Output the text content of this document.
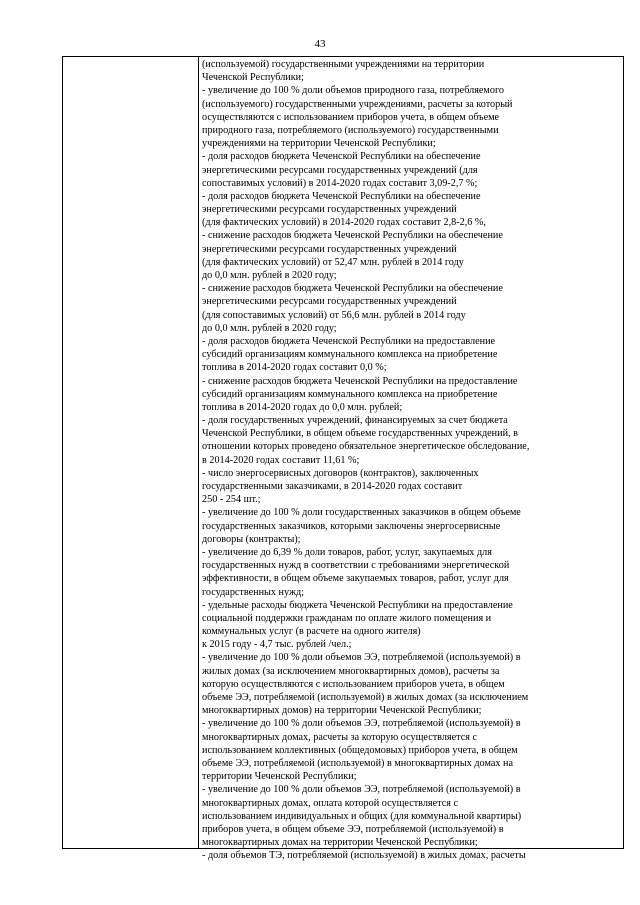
43
(используемой) государственными учреждениями на территории
Чеченской Республики;
- увеличение до 100 % доли объемов природного газа, потребляемого
(используемого) государственными учреждениями, расчеты за который
осуществляются с использованием приборов учета, в общем объеме
природного газа, потребляемого (используемого) государственными
учреждениями на территории Чеченской Республики;
- доля расходов бюджета Чеченской Республики на обеспечение
энергетическими ресурсами государственных учреждений (для
сопоставимых условий) в 2014-2020 годах составит 3,09-2,7 %;
- доля расходов бюджета Чеченской Республики на обеспечение
энергетическими ресурсами государственных учреждений
(для фактических условий) в 2014-2020 годах составит 2,8-2,6 %,
- снижение расходов бюджета Чеченской Республики на обеспечение
энергетическими ресурсами государственных учреждений
(для фактических условий) от 52,47 млн. рублей в 2014 году
до 0,0 млн. рублей в 2020 году;
- снижение расходов бюджета Чеченской Республики на обеспечение
энергетическими ресурсами государственных учреждений
(для сопоставимых условий) от 56,6 млн. рублей в 2014 году
до 0,0 млн. рублей в 2020 году;
- доля расходов бюджета Чеченской Республики на предоставление
субсидий организациям коммунального комплекса на приобретение
топлива в 2014-2020 годах составит 0,0 %;
- снижение расходов бюджета Чеченской Республики на предоставление
субсидий организациям коммунального комплекса на приобретение
топлива в 2014-2020 годах до 0,0 млн. рублей;
- доля государственных учреждений, финансируемых за счет бюджета
Чеченской Республики, в общем объеме государственных учреждений, в
отношении которых проведено обязательное энергетическое обследование,
в 2014-2020 годах составит 11,61 %;
- число энергосервисных договоров (контрактов), заключенных
государственными заказчиками, в 2014-2020 годах составит
250 - 254 шт.;
- увеличение до 100 % доли государственных заказчиков в общем объеме
государственных заказчиков, которыми заключены энергосервисные
договоры (контракты);
- увеличение до 6,39 % доли товаров, работ, услуг, закупаемых для
государственных нужд в соответствии с требованиями энергетической
эффективности, в общем объеме закупаемых товаров, работ, услуг для
государственных нужд;
- удельные расходы бюджета Чеченской Республики на предоставление
социальной поддержки гражданам по оплате жилого помещения и
коммунальных услуг (в расчете на одного жителя)
к 2015 году - 4,7 тыс. рублей /чел.;
- увеличение до 100 % доли объемов ЭЭ, потребляемой (используемой) в
жилых домах (за исключением многоквартирных домов), расчеты за
которую осуществляются с использованием приборов учета, в общем
объеме ЭЭ, потребляемой (используемой) в жилых домах (за исключением
многоквартирных домов) на территории Чеченской Республики;
- увеличение до 100 % доли объемов ЭЭ, потребляемой (используемой) в
многоквартирных домах, расчеты за которую осуществляется с
использованием коллективных (общедомовых) приборов учета, в общем
объеме ЭЭ, потребляемой (используемой) в многоквартирных домах на
территории Чеченской Республики;
- увеличение до 100 % доли объемов ЭЭ, потребляемой (используемой) в
многоквартирных домах, оплата которой осуществляется с
использованием индивидуальных и общих (для коммунальной квартиры)
приборов учета, в общем объеме ЭЭ, потребляемой (используемой) в
многоквартирных домах на территории Чеченской Республики;
- доля объемов ТЭ, потребляемой (используемой) в жилых домах, расчеты
